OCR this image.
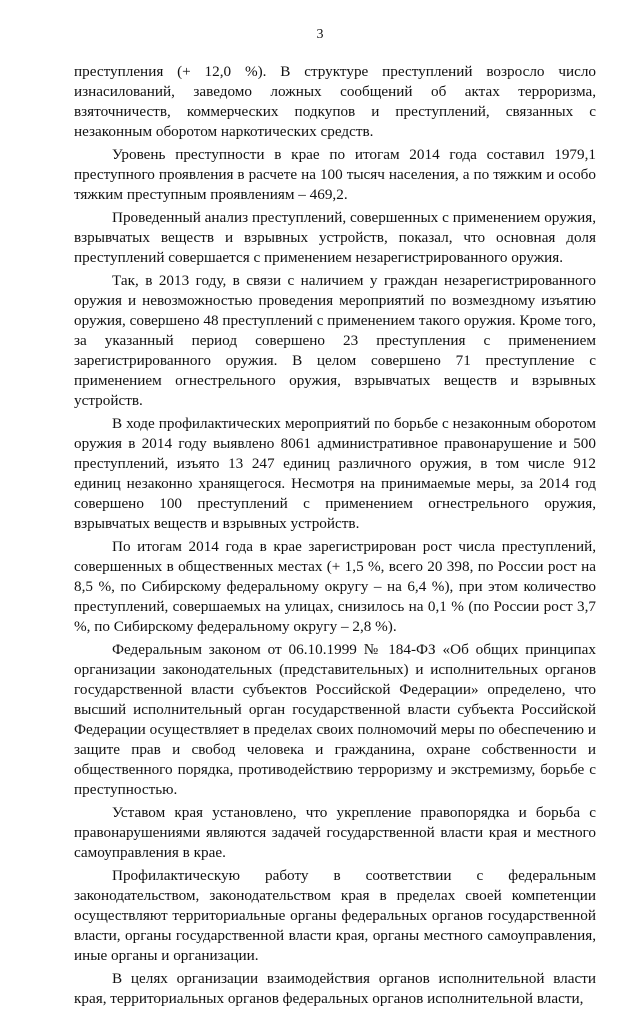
3

преступления (+ 12,0 %). В структуре преступлений возросло число изнасилований, заведомо ложных сообщений об актах терроризма, взяточничеств, коммерческих подкупов и преступлений, связанных с незаконным оборотом наркотических средств.

Уровень преступности в крае по итогам 2014 года составил 1979,1 преступного проявления в расчете на 100 тысяч населения, а по тяжким и особо тяжким преступным проявлениям – 469,2.

Проведенный анализ преступлений, совершенных с применением оружия, взрывчатых веществ и взрывных устройств, показал, что основная доля преступлений совершается с применением незарегистрированного оружия.

Так, в 2013 году, в связи с наличием у граждан незарегистрированного оружия и невозможностью проведения мероприятий по возмездному изъятию оружия, совершено 48 преступлений с применением такого оружия. Кроме того, за указанный период совершено 23 преступления с применением зарегистрированного оружия. В целом совершено 71 преступление с применением огнестрельного оружия, взрывчатых веществ и взрывных устройств.

В ходе профилактических мероприятий по борьбе с незаконным оборотом оружия в 2014 году выявлено 8061 административное правонарушение и 500 преступлений, изъято 13 247 единиц различного оружия, в том числе 912 единиц незаконно хранящегося. Несмотря на принимаемые меры, за 2014 год совершено 100 преступлений с применением огнестрельного оружия, взрывчатых веществ и взрывных устройств.

По итогам 2014 года в крае зарегистрирован рост числа преступлений, совершенных в общественных местах (+ 1,5 %, всего 20 398, по России рост на 8,5 %, по Сибирскому федеральному округу – на 6,4 %), при этом количество преступлений, совершаемых на улицах, снизилось на 0,1 % (по России рост 3,7 %, по Сибирскому федеральному округу – 2,8 %).

Федеральным законом от 06.10.1999 № 184-ФЗ «Об общих принципах организации законодательных (представительных) и исполнительных органов государственной власти субъектов Российской Федерации» определено, что высший исполнительный орган государственной власти субъекта Российской Федерации осуществляет в пределах своих полномочий меры по обеспечению и защите прав и свобод человека и гражданина, охране собственности и общественного порядка, противодействию терроризму и экстремизму, борьбе с преступностью.

Уставом края установлено, что укрепление правопорядка и борьба с правонарушениями являются задачей государственной власти края и местного самоуправления в крае.

Профилактическую работу в соответствии с федеральным законодательством, законодательством края в пределах своей компетенции осуществляют территориальные органы федеральных органов государственной власти, органы государственной власти края, органы местного самоуправления, иные органы и организации.

В целях организации взаимодействия органов исполнительной власти края, территориальных органов федеральных органов исполнительной власти,
